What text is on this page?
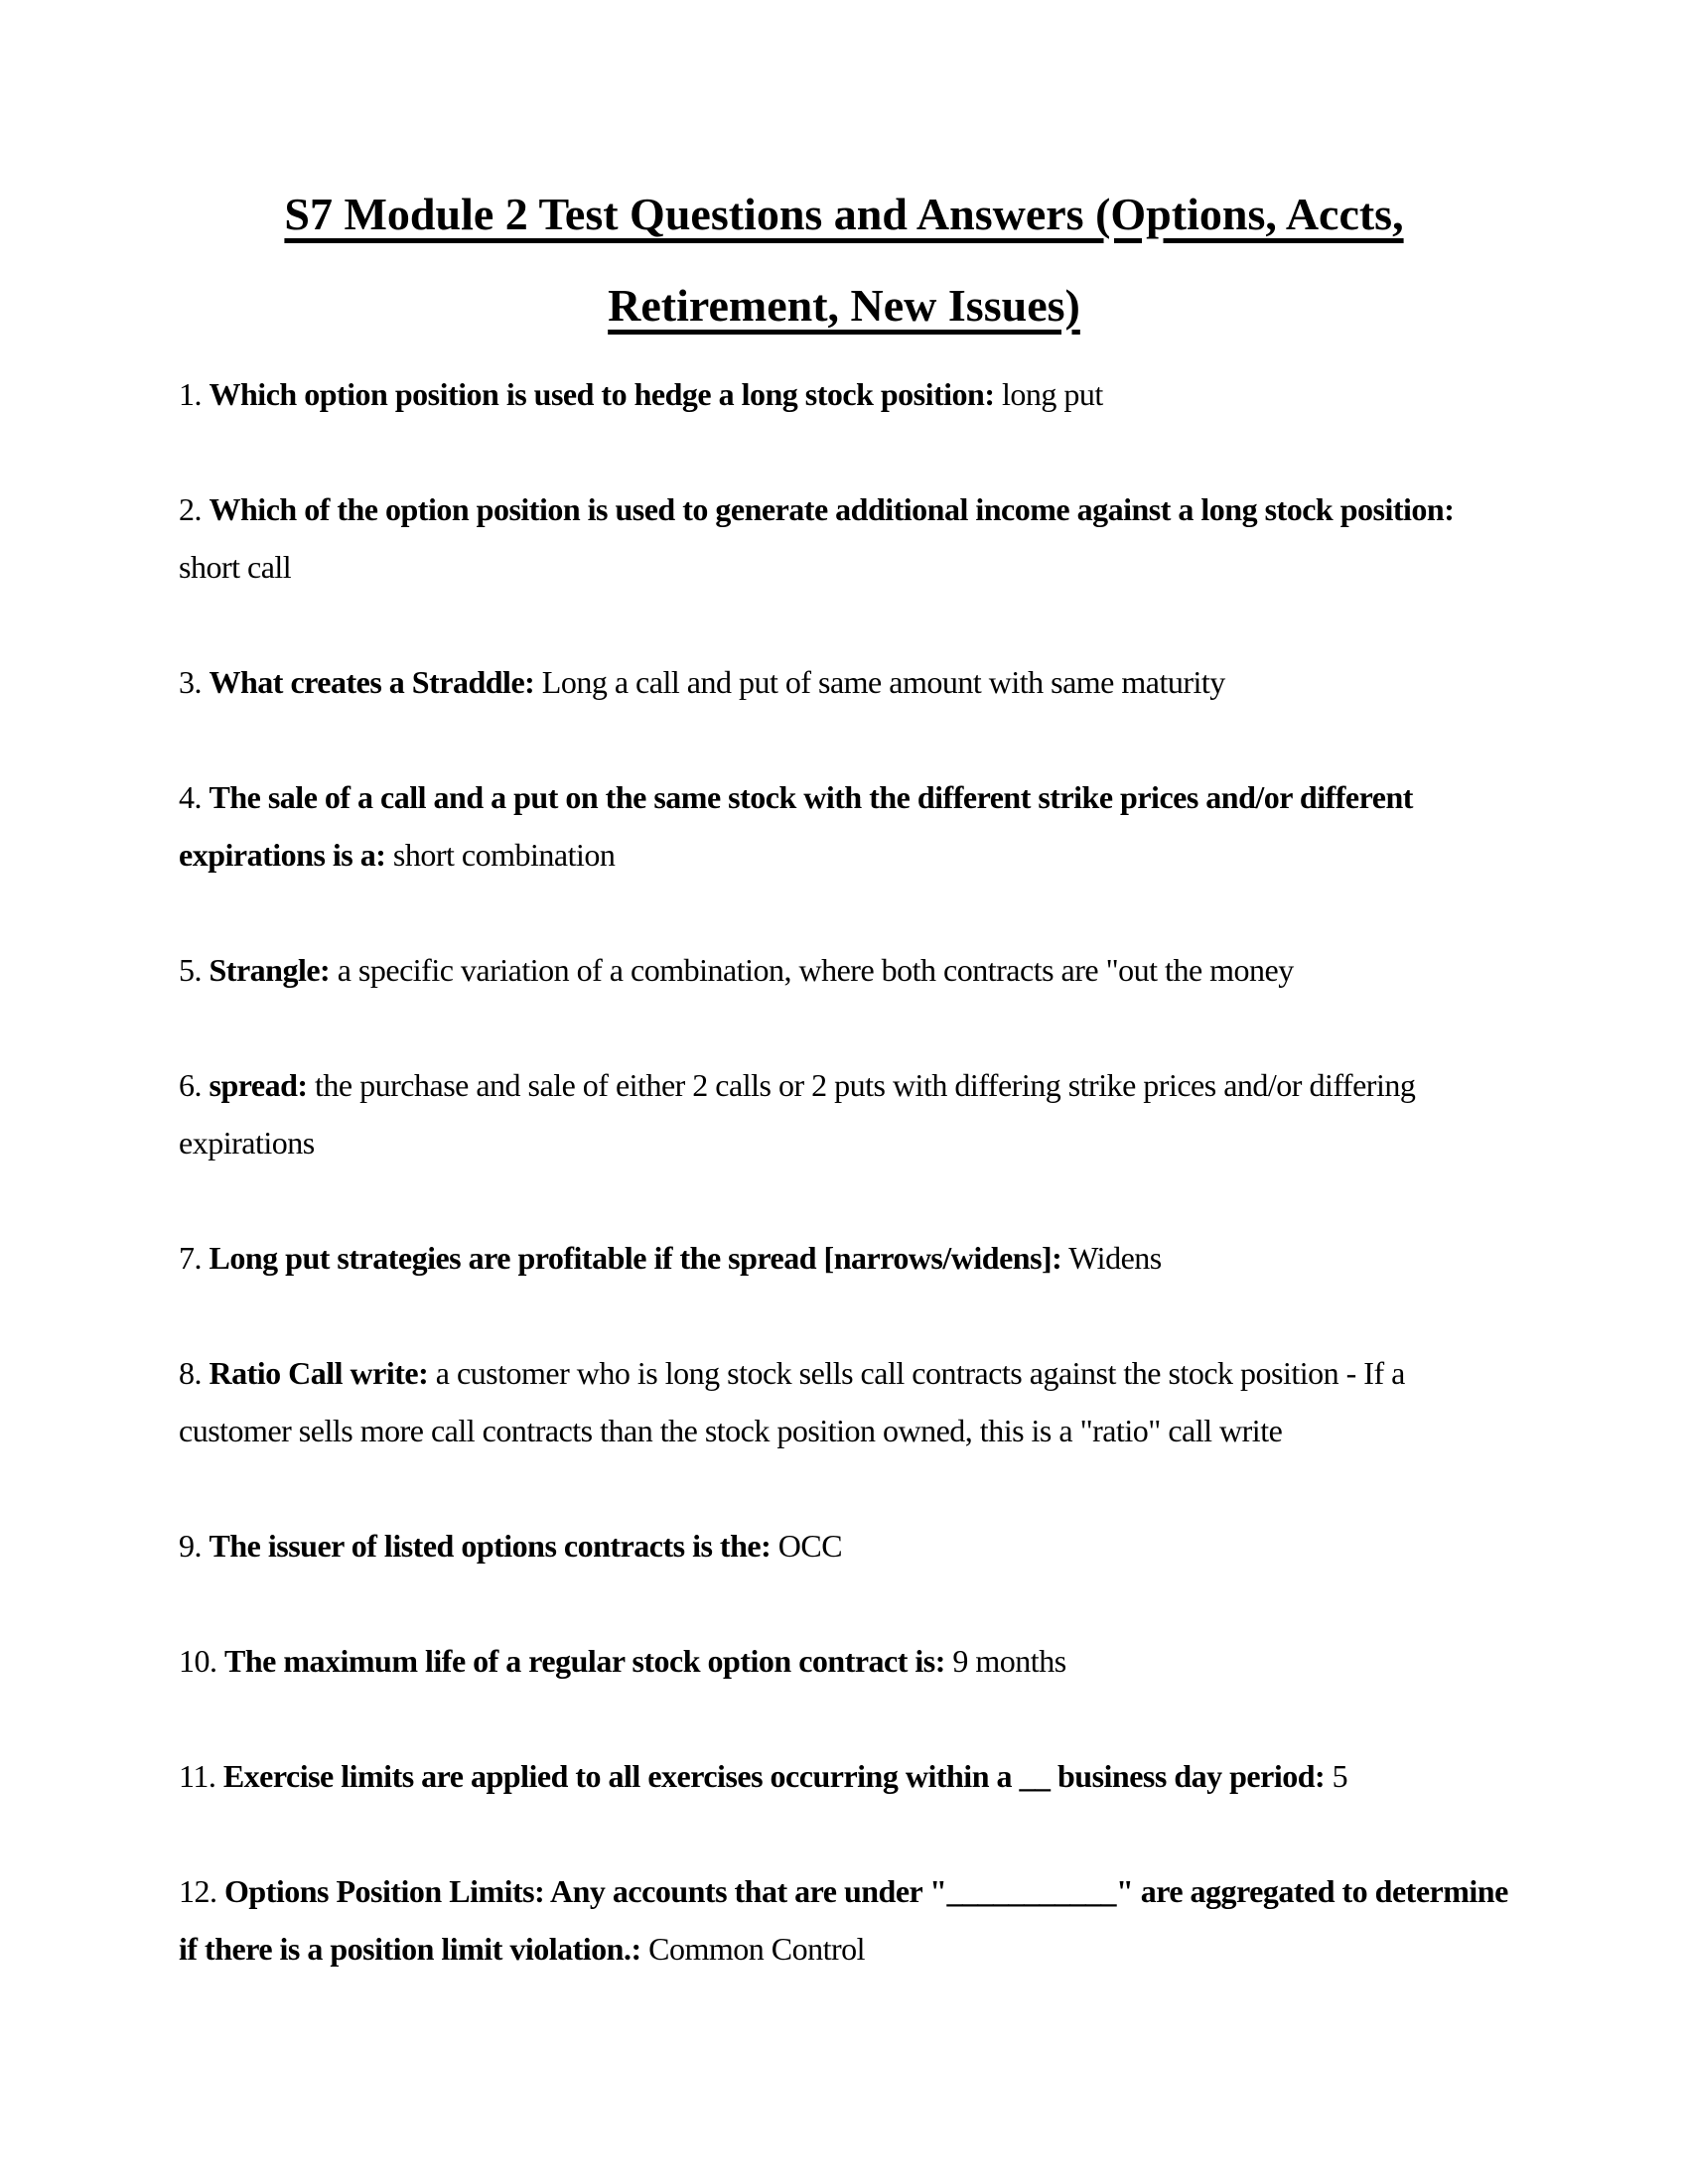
S7 Module 2 Test Questions and Answers (Options, Accts, Retirement, New Issues)

1. Which option position is used to hedge a long stock position: long put

2. Which of the option position is used to generate additional income against a long stock position: short call

3. What creates a Straddle: Long a call and put of same amount with same maturity

4. The sale of a call and a put on the same stock with the different strike prices and/or different expirations is a: short combination

5. Strangle: a specific variation of a combination, where both contracts are "out the money

6. spread: the purchase and sale of either 2 calls or 2 puts with differing strike prices and/or differing expirations

7. Long put strategies are profitable if the spread [narrows/widens]: Widens

8. Ratio Call write: a customer who is long stock sells call contracts against the stock position - If a customer sells more call contracts than the stock position owned, this is a "ratio" call write

9. The issuer of listed options contracts is the: OCC

10. The maximum life of a regular stock option contract is: 9 months

11. Exercise limits are applied to all exercises occurring within a __ business day period: 5

12. Options Position Limits: Any accounts that are under "___________" are aggregated to determine if there is a position limit violation.: Common Control
